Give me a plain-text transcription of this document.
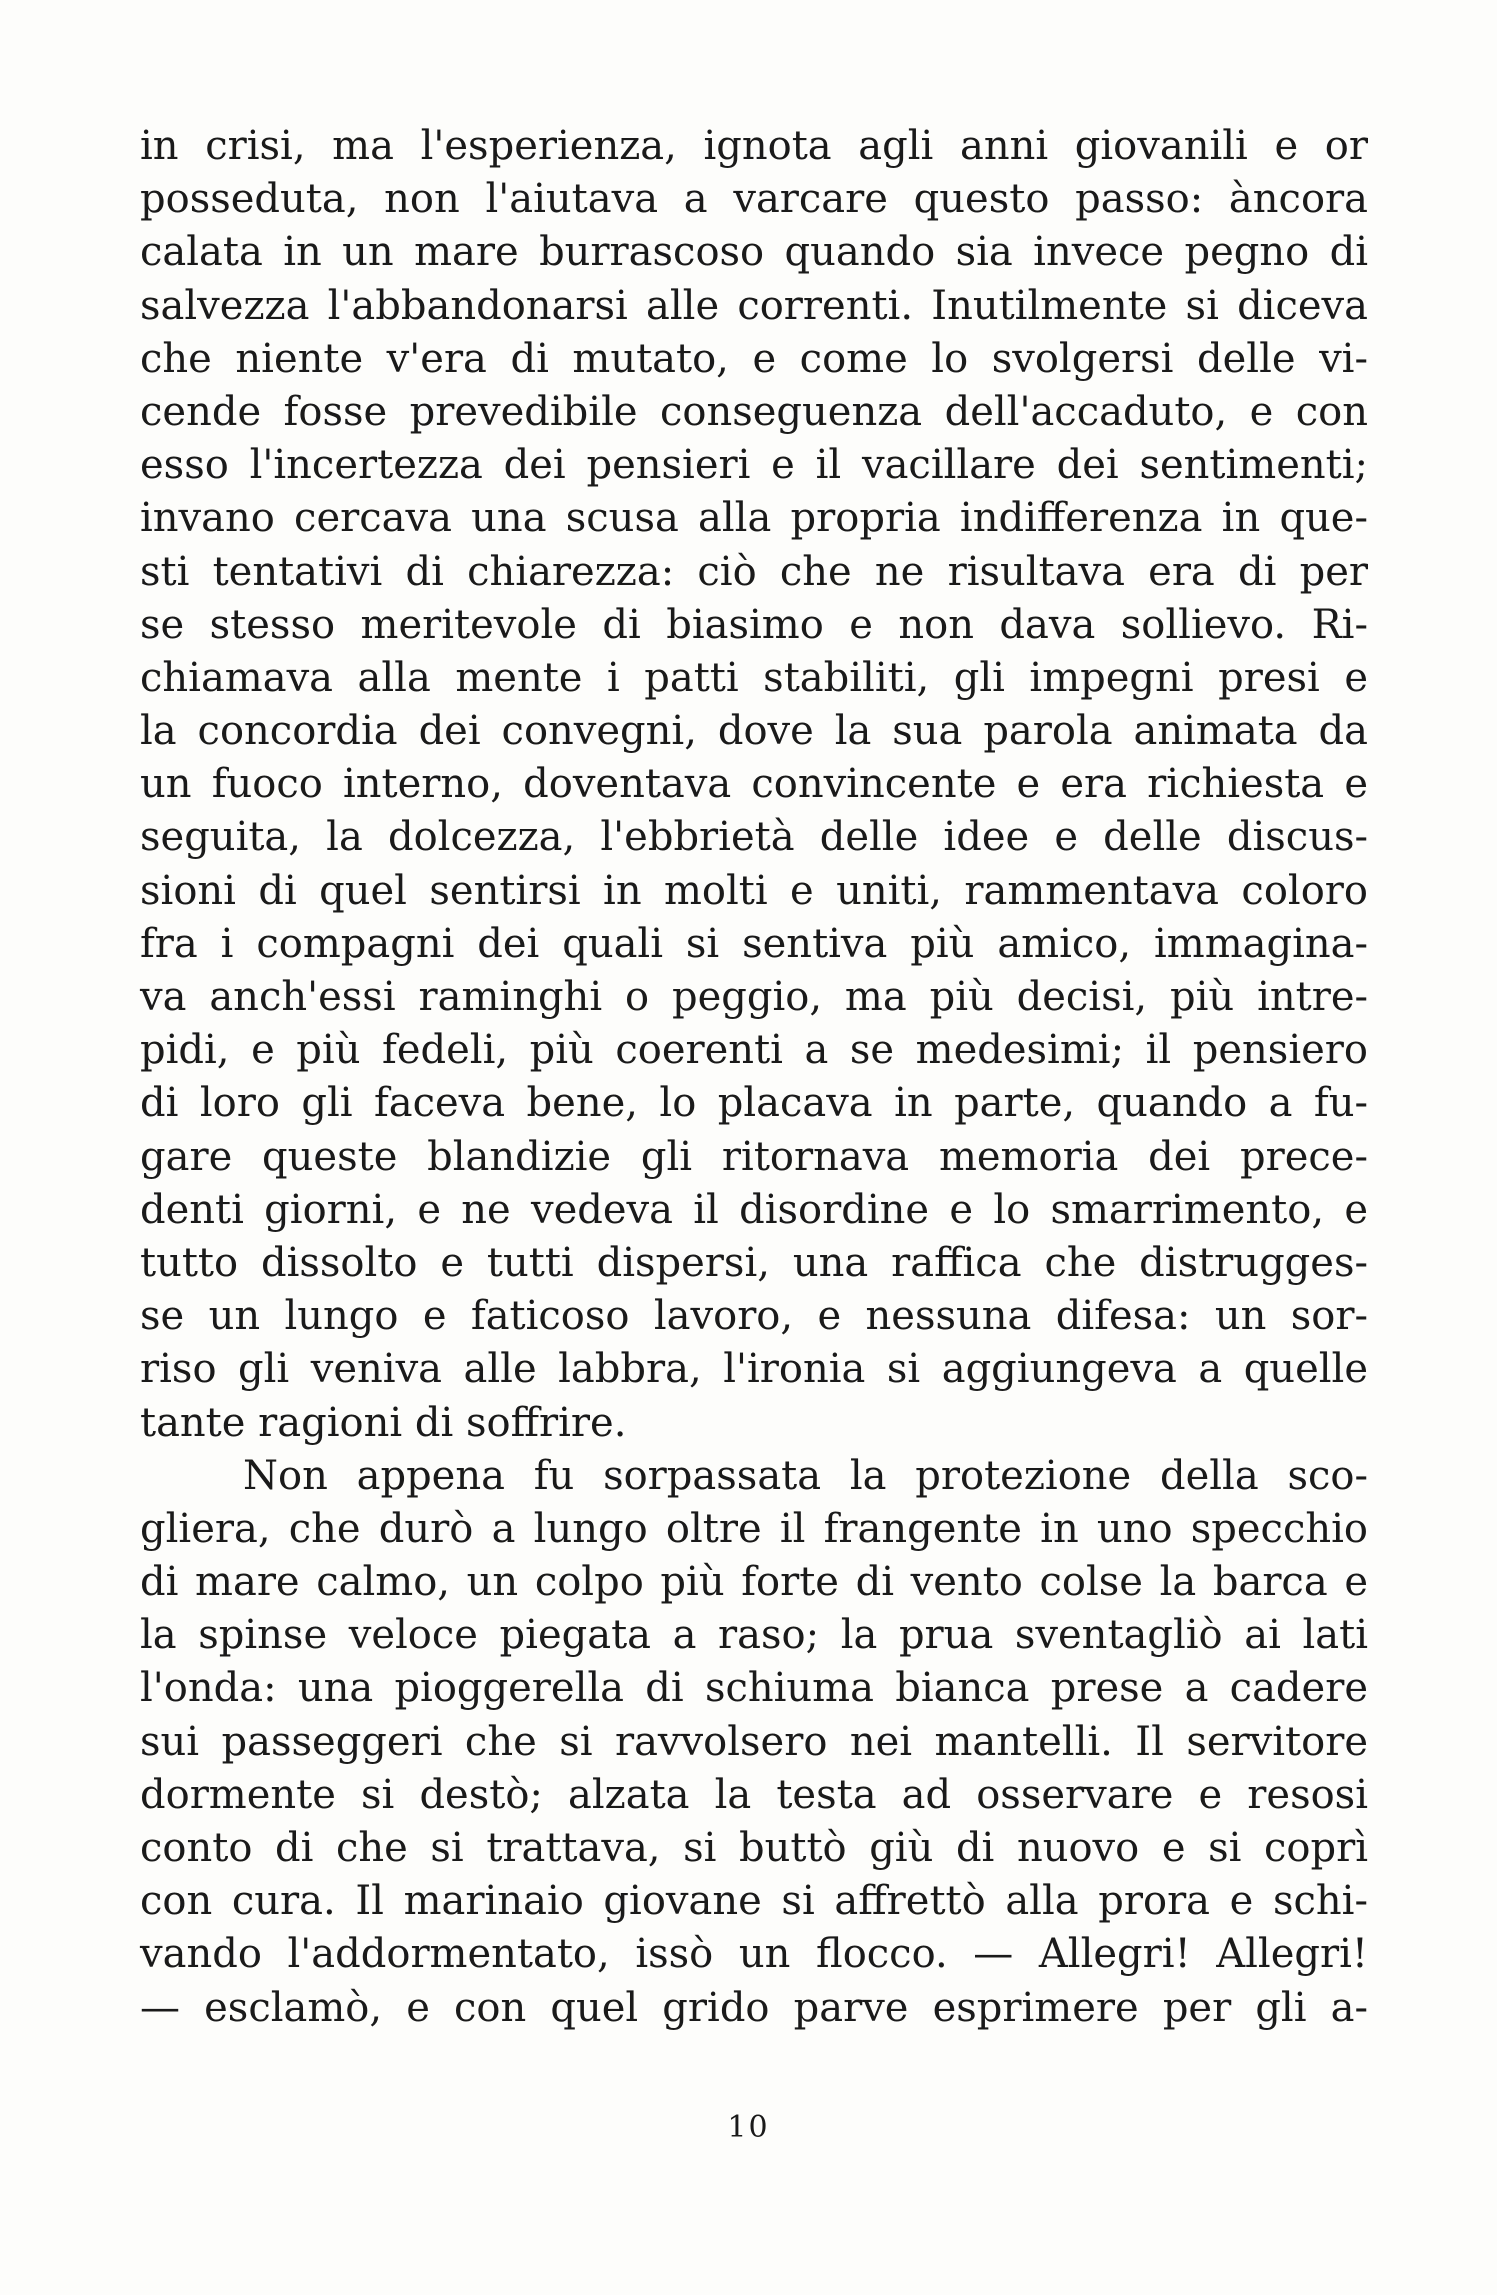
in crisi, ma l'esperienza, ignota agli anni giovanili e or
posseduta, non l'aiutava a varcare questo passo: àncora
calata in un mare burrascoso quando sia invece pegno di
salvezza l'abbandonarsi alle correnti. Inutilmente si diceva
che niente v'era di mutato, e come lo svolgersi delle vi-
cende fosse prevedibile conseguenza dell'accaduto, e con
esso l'incertezza dei pensieri e il vacillare dei sentimenti;
invano cercava una scusa alla propria indifferenza in que-
sti tentativi di chiarezza: ciò che ne risultava era di per
se stesso meritevole di biasimo e non dava sollievo. Ri-
chiamava alla mente i patti stabiliti, gli impegni presi e
la concordia dei convegni, dove la sua parola animata da
un fuoco interno, doventava convincente e era richiesta e
seguita, la dolcezza, l'ebbrietà delle idee e delle discus-
sioni di quel sentirsi in molti e uniti, rammentava coloro
fra i compagni dei quali si sentiva più amico, immagina-
va anch'essi raminghi o peggio, ma più decisi, più intre-
pidi, e più fedeli, più coerenti a se medesimi; il pensiero
di loro gli faceva bene, lo placava in parte, quando a fu-
gare queste blandizie gli ritornava memoria dei prece-
denti giorni, e ne vedeva il disordine e lo smarrimento, e
tutto dissolto e tutti dispersi, una raffica che distrugges-
se un lungo e faticoso lavoro, e nessuna difesa: un sor-
riso gli veniva alle labbra, l'ironia si aggiungeva a quelle
tante ragioni di soffrire.
Non appena fu sorpassata la protezione della sco-
gliera, che durò a lungo oltre il frangente in uno specchio
di mare calmo, un colpo più forte di vento colse la barca e
la spinse veloce piegata a raso; la prua sventagliò ai lati
l'onda: una pioggerella di schiuma bianca prese a cadere
sui passeggeri che si ravvolsero nei mantelli. Il servitore
dormente si destò; alzata la testa ad osservare e resosi
conto di che si trattava, si buttò giù di nuovo e si coprì
con cura. Il marinaio giovane si affrettò alla prora e schi-
vando l'addormentato, issò un flocco. — Allegri! Allegri!
— esclamò, e con quel grido parve esprimere per gli a-
10
